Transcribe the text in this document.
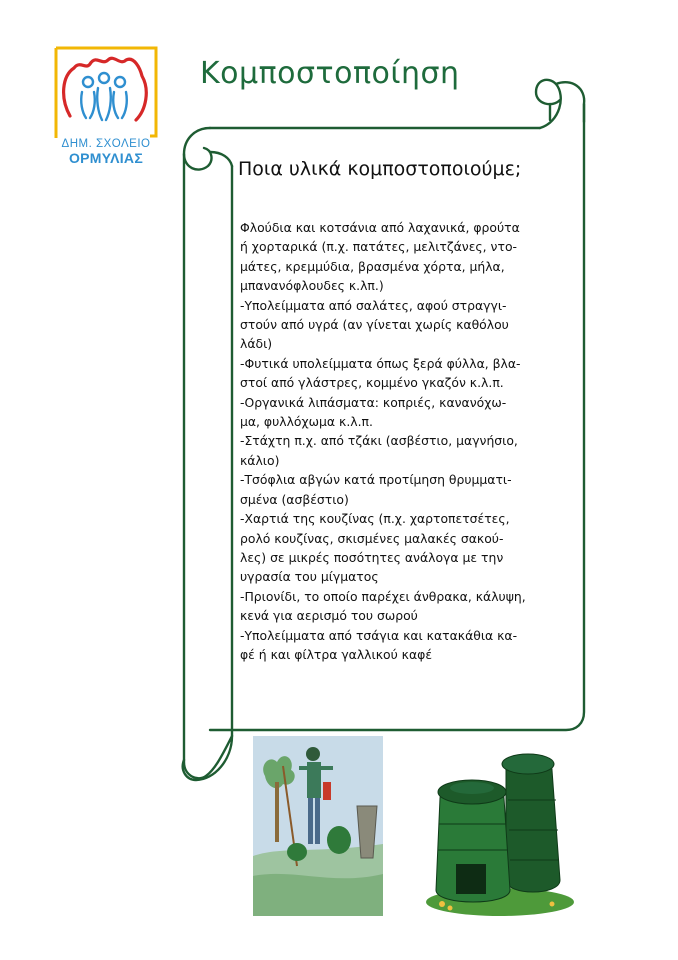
ΔΗΜ. ΣΧΟΛΕΙΟ
ΟΡΜΥΛΙΑΣ
Κομποστοποίηση
Ποια υλικά κομποστοποιούμε;
Φλούδια και κοτσάνια από λαχανικά, φρούτα
ή χορταρικά (π.χ. πατάτες, μελιτζάνες, ντο-
μάτες, κρεμμύδια, βρασμένα χόρτα, μήλα,
μπανανόφλουδες κ.λπ.)
-Υπολείμματα από σαλάτες, αφού στραγγι-
στούν από υγρά (αν γίνεται χωρίς καθόλου
λάδι)
-Φυτικά υπολείμματα όπως ξερά φύλλα, βλα-
στοί από γλάστρες, κομμένο γκαζόν κ.λ.π.
-Οργανικά λιπάσματα: κοπριές, κανανόχω-
μα, φυλλόχωμα κ.λ.π.
-Στάχτη π.χ. από τζάκι (ασβέστιο, μαγνήσιο,
κάλιο)
-Τσόφλια αβγών κατά προτίμηση θρυμματι-
σμένα (ασβέστιο)
-Χαρτιά της κουζίνας (π.χ. χαρτοπετσέτες,
ρολό κουζίνας, σκισμένες μαλακές σακού-
λες) σε μικρές ποσότητες ανάλογα με την
υγρασία του μίγματος
-Πριονίδι, το οποίο παρέχει άνθρακα, κάλυψη,
κενά για αερισμό του σωρού
-Υπολείμματα από τσάγια και κατακάθια κα-
φέ ή και φίλτρα γαλλικού καφέ
